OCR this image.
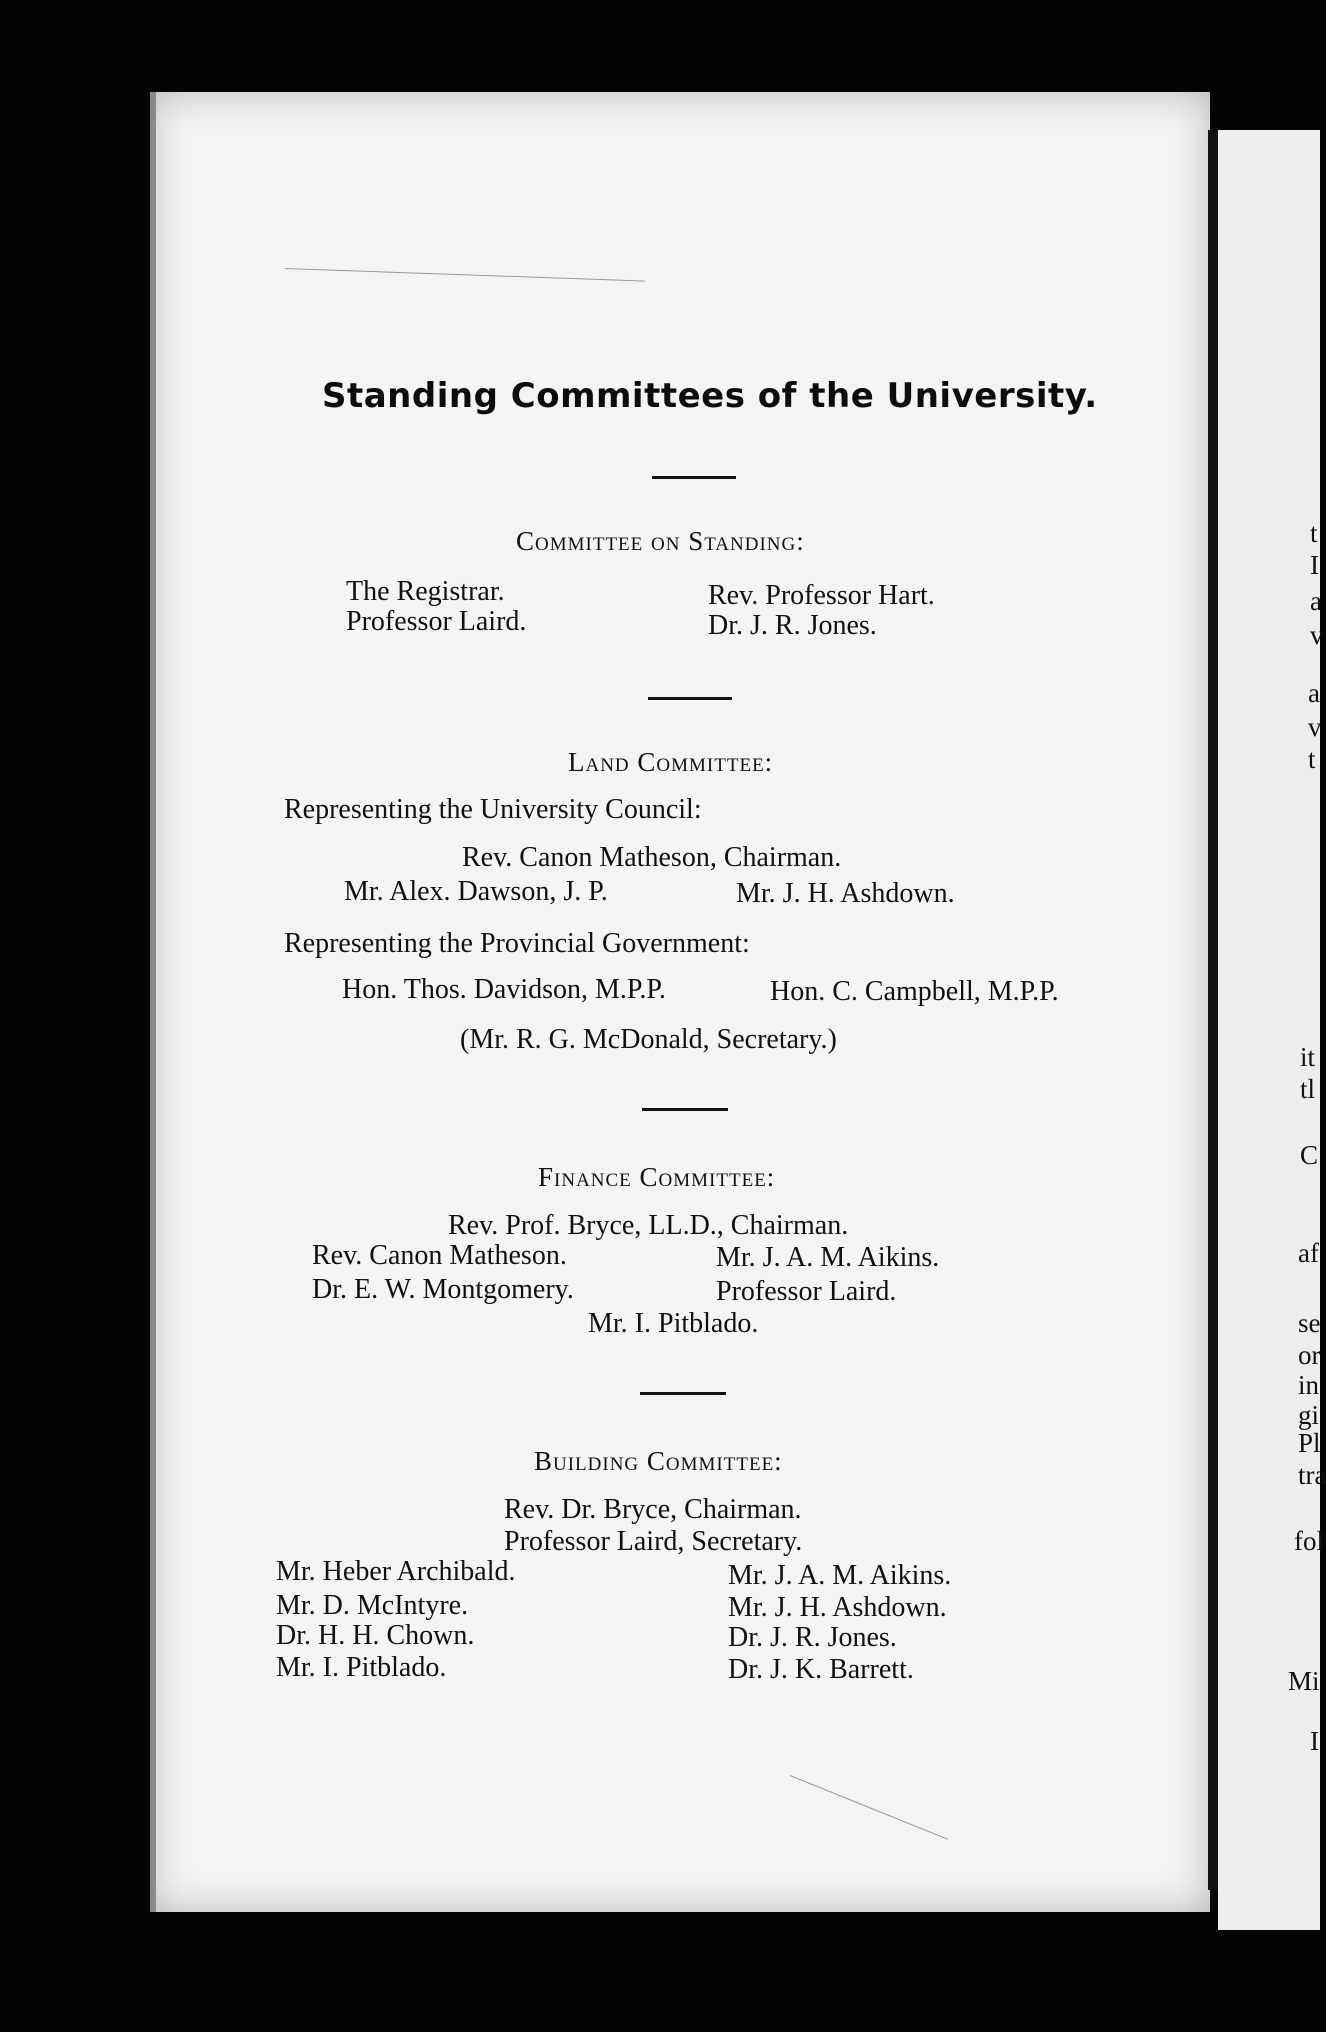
Standing Committees of the University.
Committee on Standing:
The Registrar.
Professor Laird.
Rev. Professor Hart.
Dr. J. R. Jones.
Land Committee:
Representing the University Council:
Rev. Canon Matheson, Chairman.
Mr. Alex. Dawson, J. P.	Mr. J. H. Ashdown.
Representing the Provincial Government:
Hon. Thos. Davidson, M.P.P.	Hon. C. Campbell, M.P.P.
(Mr. R. G. McDonald, Secretary.)
Finance Committee:
Rev. Prof. Bryce, LL.D., Chairman.
Rev. Canon Matheson.
Dr. E. W. Montgomery.
Mr. J. A. M. Aikins.
Professor Laird.
Mr. I. Pitblado.
Building Committee:
Rev. Dr. Bryce, Chairman.
Professor Laird, Secretary.
Mr. Heber Archibald.
Mr. D. McIntyre.
Dr. H. H. Chown.
Mr. I. Pitblado.
Mr. J. A. M. Aikins.
Mr. J. H. Ashdown.
Dr. J. R. Jones.
Dr. J. K. Barrett.
t
I
a
v
a
v
t
it
tl
C
af
se
or
in
gi
Pl
tra
fol
Mi
I
